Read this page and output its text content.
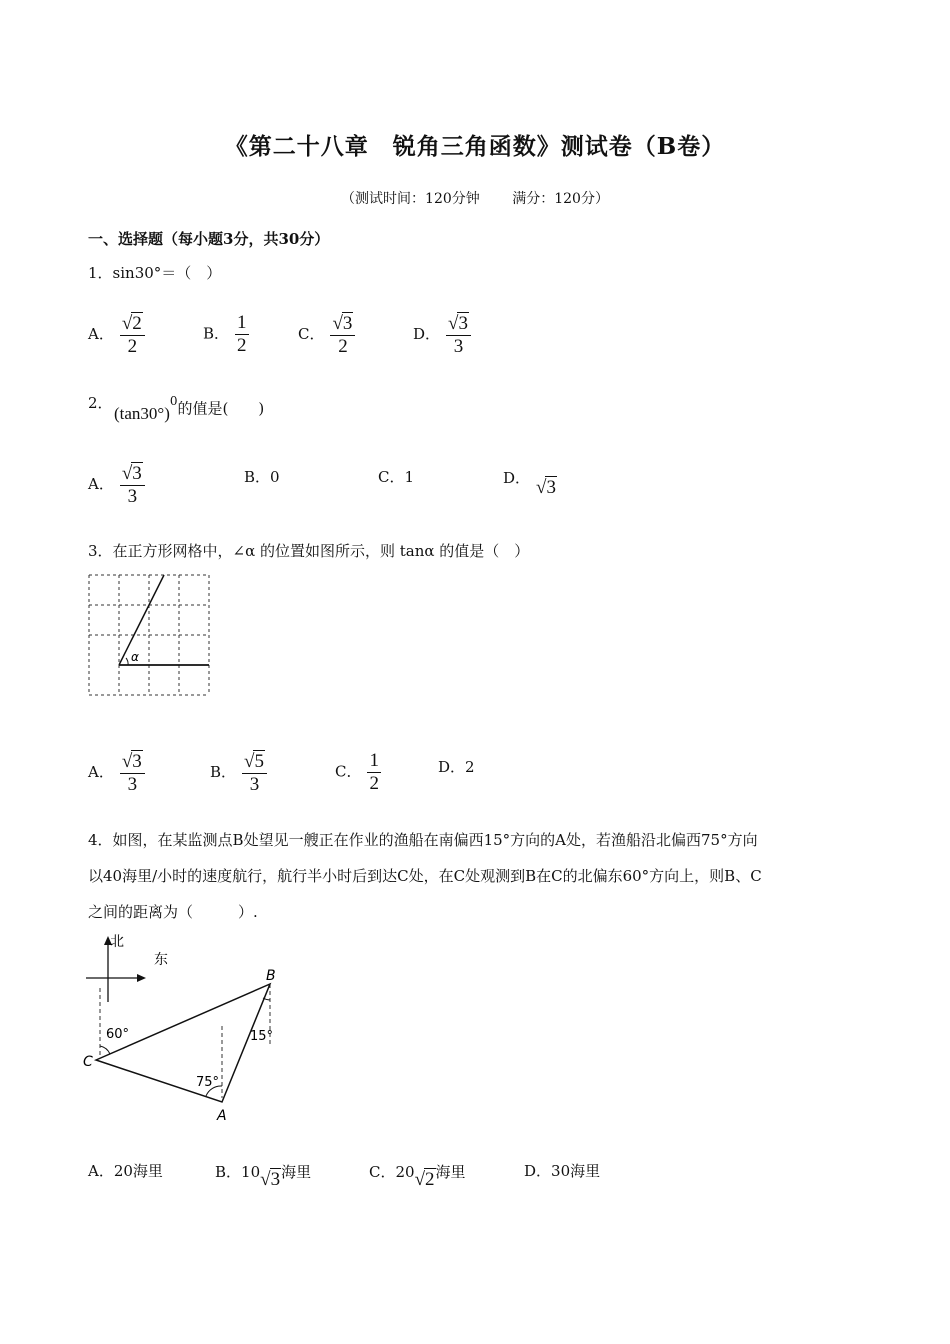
《第二十八章　锐角三角函数》测试卷（B卷）
（测试时间：120分钟　　 满分：120分）
一、选择题（每小题3分，共30分）
1．sin30°＝（　）
A． $\frac{√2}{2}$	B． $\frac{1}{2}$	C． $\frac{√3}{2}$	D． $\frac{√3}{3}$
2．
$(\tan 30^\circ)^0$的值是(　　)
A． $\frac{√3}{3}$	B．0	C．1	D． √3
3．在正方形网格中，∠α 的位置如图所示，则 tanα 的值是（　）
α
A． $\frac{√3}{3}$	B． $\frac{√5}{3}$	C． $\frac{1}{2}$	D．2
4．如图，在某监测点B处望见一艘正在作业的渔船在南偏西15°方向的A处，若渔船沿北偏西75°方向
以40海里/小时的速度航行，航行半小时后到达C处，在C处观测到B在C的北偏东60°方向上，则B、C
之间的距离为（　　　）.
北
东
60°
75°
15°
B
C
A
A．20海里	B．10√3海里	C．20√2海里	D．30海里
